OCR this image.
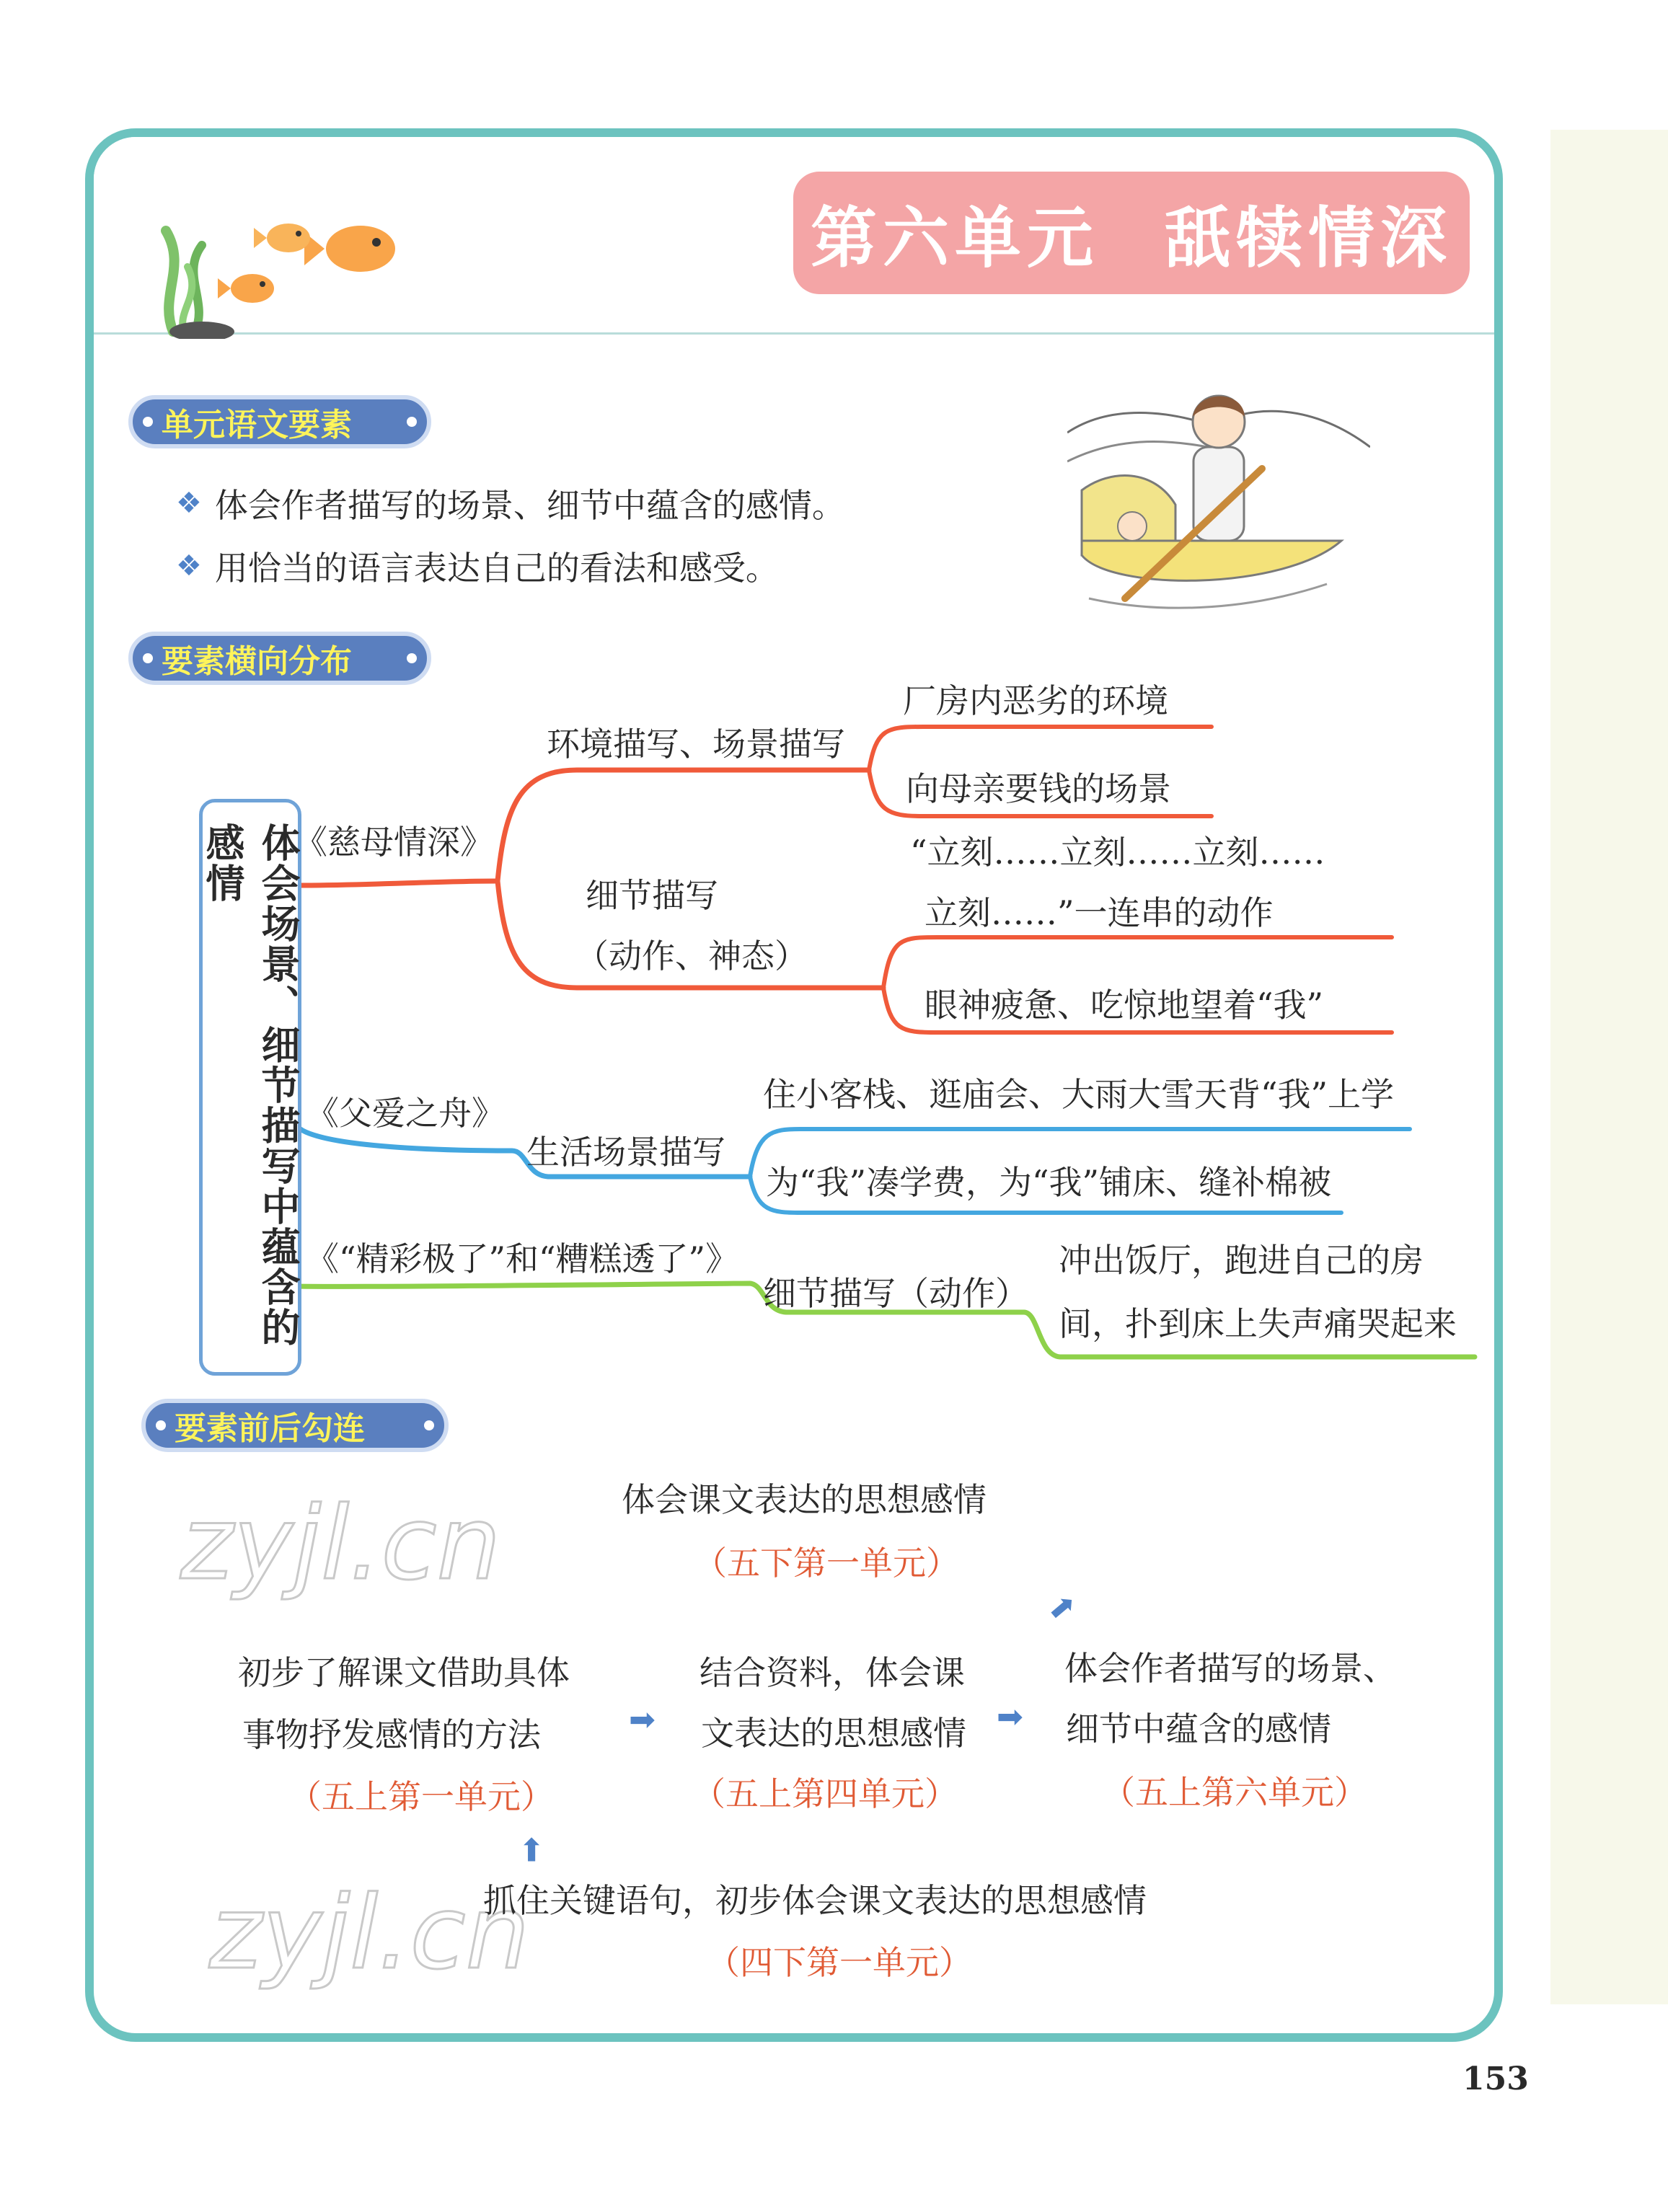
第六单元 舐犊情深
单元语文要素
❖ 体会作者描写的场景、细节中蕴含的感情。
❖ 用恰当的语言表达自己的看法和感受。
要素横向分布
体会场景、细节描写中蕴含的感情	《慈母情深》
环境描写、场景描写
厂房内恶劣的环境
向母亲要钱的场景
细节描写
（动作、神态）
“立刻……立刻……立刻……
立刻……”一连串的动作
眼神疲惫、吃惊地望着“我”
《父爱之舟》
生活场景描写
住小客栈、逛庙会、大雨大雪天背“我”上学
为“我”凑学费，为“我”铺床、缝补棉被
《“精彩极了”和“糟糕透了”》
细节描写（动作）
冲出饭厅，跑进自己的房
间，扑到床上失声痛哭起来
要素前后勾连
zyjl.cn
zyjl.cn
体会课文表达的思想感情
（五下第一单元）
➡
初步了解课文借助具体
事物抒发感情的方法
（五上第一单元）
➡
结合资料，体会课
文表达的思想感情
（五上第四单元）
➡
体会作者描写的场景、
细节中蕴含的感情
（五上第六单元）
➡
抓住关键语句，初步体会课文表达的思想感情
（四下第一单元）
153
